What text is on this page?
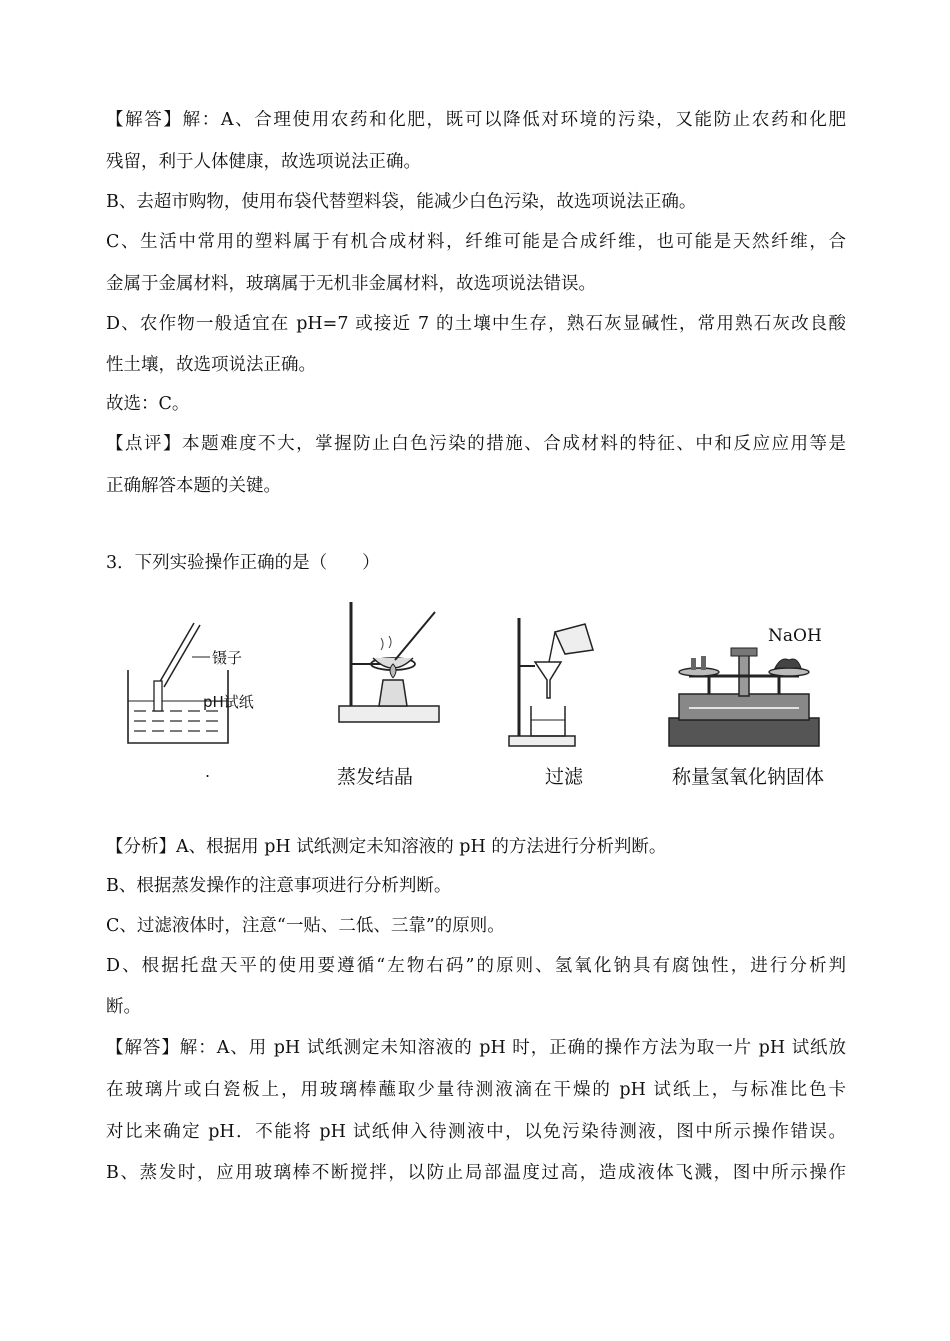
【解答】解：A、合理使用农药和化肥，既可以降低对环境的污染，又能防止农药和化肥
残留，利于人体健康，故选项说法正确。
B、去超市购物，使用布袋代替塑料袋，能减少白色污染，故选项说法正确。
C、生活中常用的塑料属于有机合成材料，纤维可能是合成纤维，也可能是天然纤维，合
金属于金属材料，玻璃属于无机非金属材料，故选项说法错误。
D、农作物一般适宜在 pH=7 或接近 7 的土壤中生存，熟石灰显碱性，常用熟石灰改良酸
性土壤，故选项说法正确。
故选：C。
【点评】本题难度不大，掌握防止白色污染的措施、合成材料的特征、中和反应应用等是
正确解答本题的关键。
3．下列实验操作正确的是（　　）
镊子
pH试纸
.	蒸发结晶	过滤
NaOH
称量氢氧化钠固体
【分析】A、根据用 pH 试纸测定未知溶液的 pH 的方法进行分析判断。
B、根据蒸发操作的注意事项进行分析判断。
C、过滤液体时，注意“一贴、二低、三靠”的原则。
D、根据托盘天平的使用要遵循“左物右码”的原则、氢氧化钠具有腐蚀性，进行分析判
断。
【解答】解：A、用 pH 试纸测定未知溶液的 pH 时，正确的操作方法为取一片 pH 试纸放
在玻璃片或白瓷板上，用玻璃棒蘸取少量待测液滴在干燥的 pH 试纸上，与标准比色卡
对比来确定 pH．不能将 pH 试纸伸入待测液中，以免污染待测液，图中所示操作错误。
B、蒸发时，应用玻璃棒不断搅拌，以防止局部温度过高，造成液体飞溅，图中所示操作
